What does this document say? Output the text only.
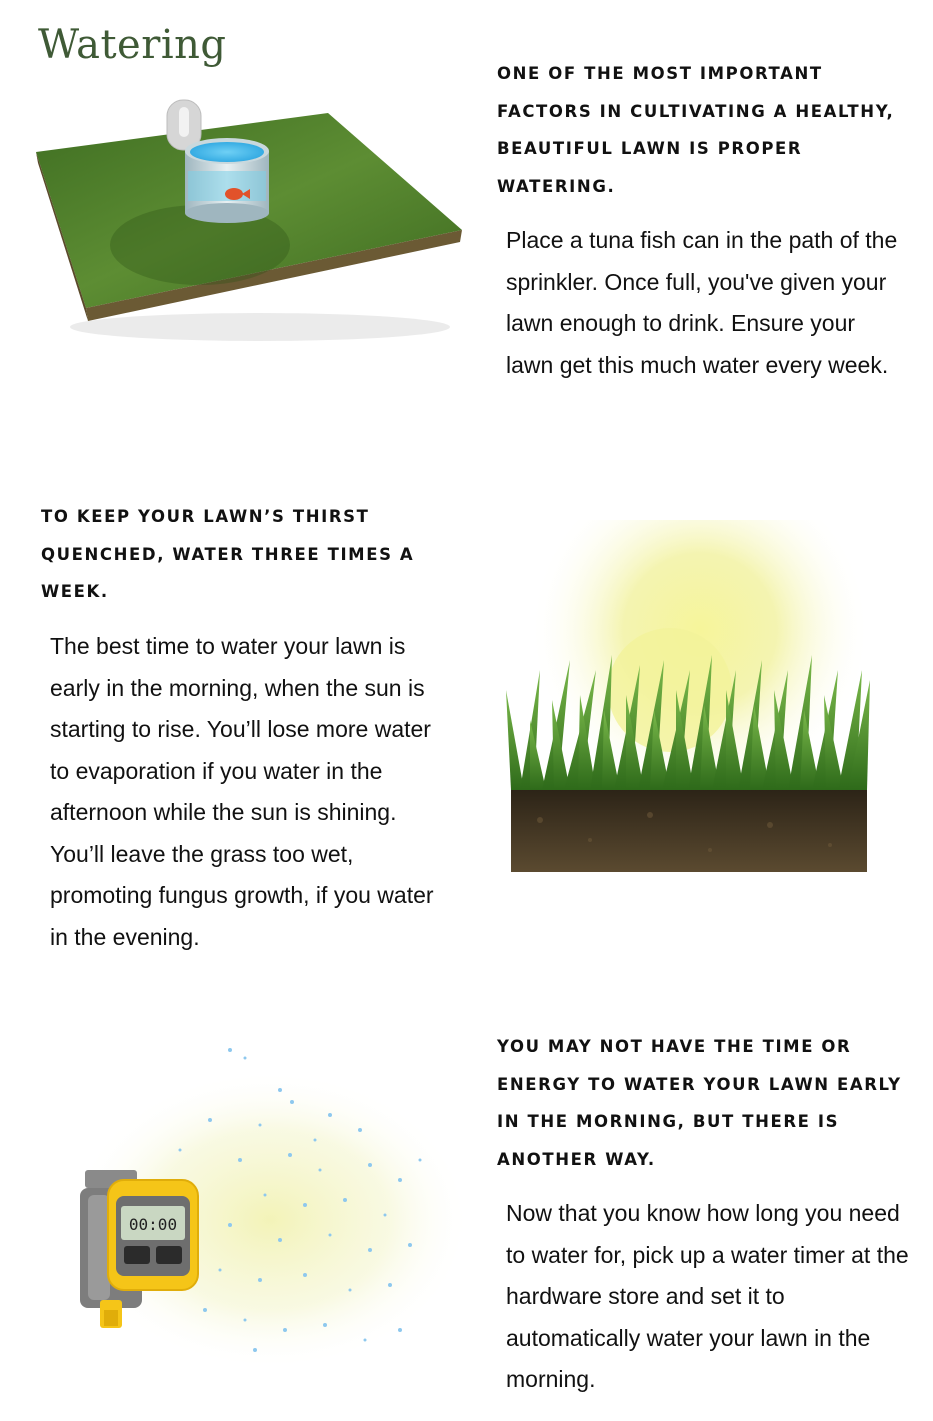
Watering
ONE OF THE MOST IMPORTANT FACTORS IN CULTIVATING A HEALTHY, BEAUTIFUL LAWN IS PROPER WATERING.

Place a tuna fish can in the path of the sprinkler. Once full, you've given your lawn enough to drink. Ensure your lawn get this much water every week.

TO KEEP YOUR LAWN’S THIRST QUENCHED, WATER THREE TIMES A WEEK.

The best time to water your lawn is early in the morning, when the sun is starting to rise. You’ll lose more water to evaporation if you water in the afternoon while the sun is shining. You’ll leave the grass too wet, promoting fungus growth, if you water in the evening.

00:00
YOU MAY NOT HAVE THE TIME OR ENERGY TO WATER YOUR LAWN EARLY IN THE MORNING, BUT THERE IS ANOTHER WAY.

Now that you know how long you need to water for, pick up a water timer at the hardware store and set it to automatically water your lawn in the morning.
